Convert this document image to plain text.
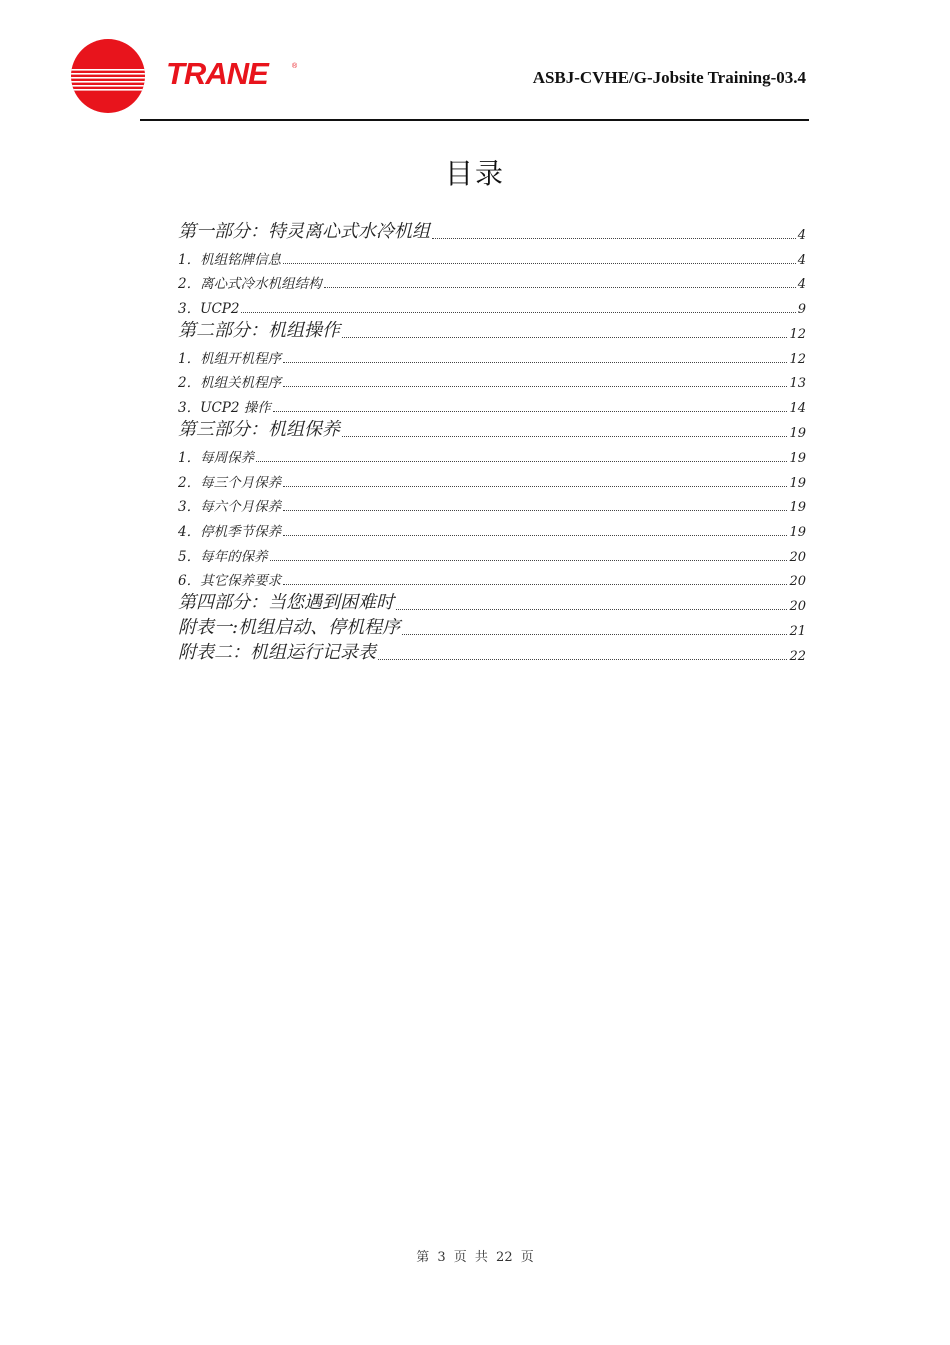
TRANE	®
ASBJ-CVHE/G-Jobsite Training-03.4
目录
第一部分：特灵离心式水冷机组	4
1．机组铭牌信息	4
2．离心式冷水机组结构	4
3．UCP2	9
第二部分：机组操作	12
1．机组开机程序	12
2．机组关机程序	13
3．UCP2 操作	14
第三部分：机组保养	19
1．每周保养	19
2．每三个月保养	19
3．每六个月保养	19
4．停机季节保养	19
5．每年的保养	20
6．其它保养要求	20
第四部分：当您遇到困难时	20
附表一:机组启动、停机程序	21
附表二：机组运行记录表	22
第 3 页 共 22 页
